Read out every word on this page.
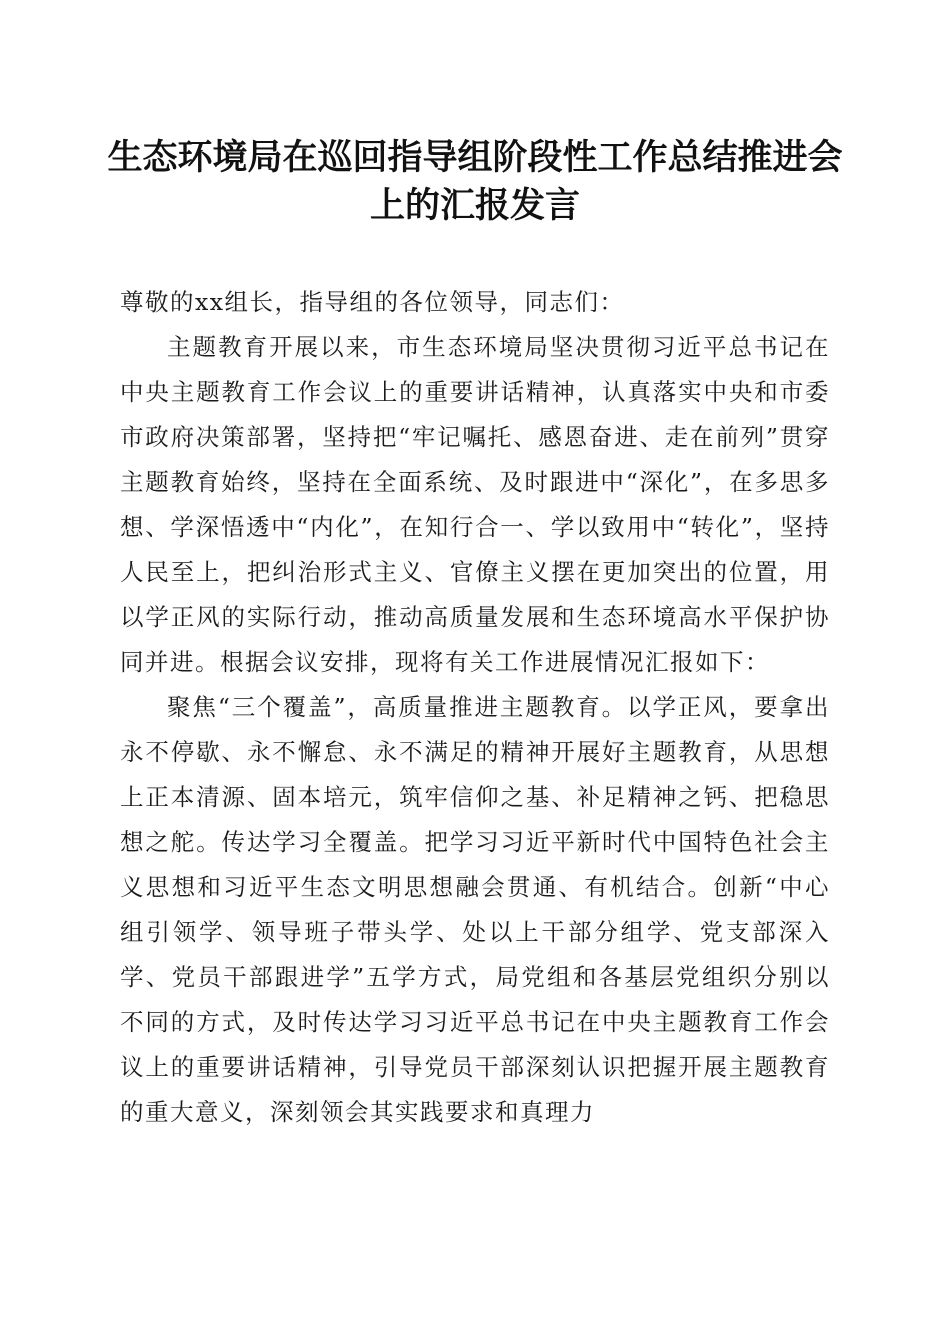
生态环境局在巡回指导组阶段性工作总结推进会上的汇报发言

尊敬的xx组长，指导组的各位领导，同志们：

主题教育开展以来，市生态环境局坚决贯彻习近平总书记在中央主题教育工作会议上的重要讲话精神，认真落实中央和市委市政府决策部署，坚持把“牢记嘱托、感恩奋进、走在前列”贯穿主题教育始终，坚持在全面系统、及时跟进中“深化”，在多思多想、学深悟透中“内化”，在知行合一、学以致用中“转化”，坚持人民至上，把纠治形式主义、官僚主义摆在更加突出的位置，用以学正风的实际行动，推动高质量发展和生态环境高水平保护协同并进。根据会议安排，现将有关工作进展情况汇报如下：

聚焦“三个覆盖”，高质量推进主题教育。以学正风，要拿出永不停歇、永不懈怠、永不满足的精神开展好主题教育，从思想上正本清源、固本培元，筑牢信仰之基、补足精神之钙、把稳思想之舵。传达学习全覆盖。把学习习近平新时代中国特色社会主义思想和习近平生态文明思想融会贯通、有机结合。创新“中心组引领学、领导班子带头学、处以上干部分组学、党支部深入学、党员干部跟进学”五学方式，局党组和各基层党组织分别以不同的方式，及时传达学习习近平总书记在中央主题教育工作会议上的重要讲话精神，引导党员干部深刻认识把握开展主题教育的重大意义，深刻领会其实践要求和真理力
